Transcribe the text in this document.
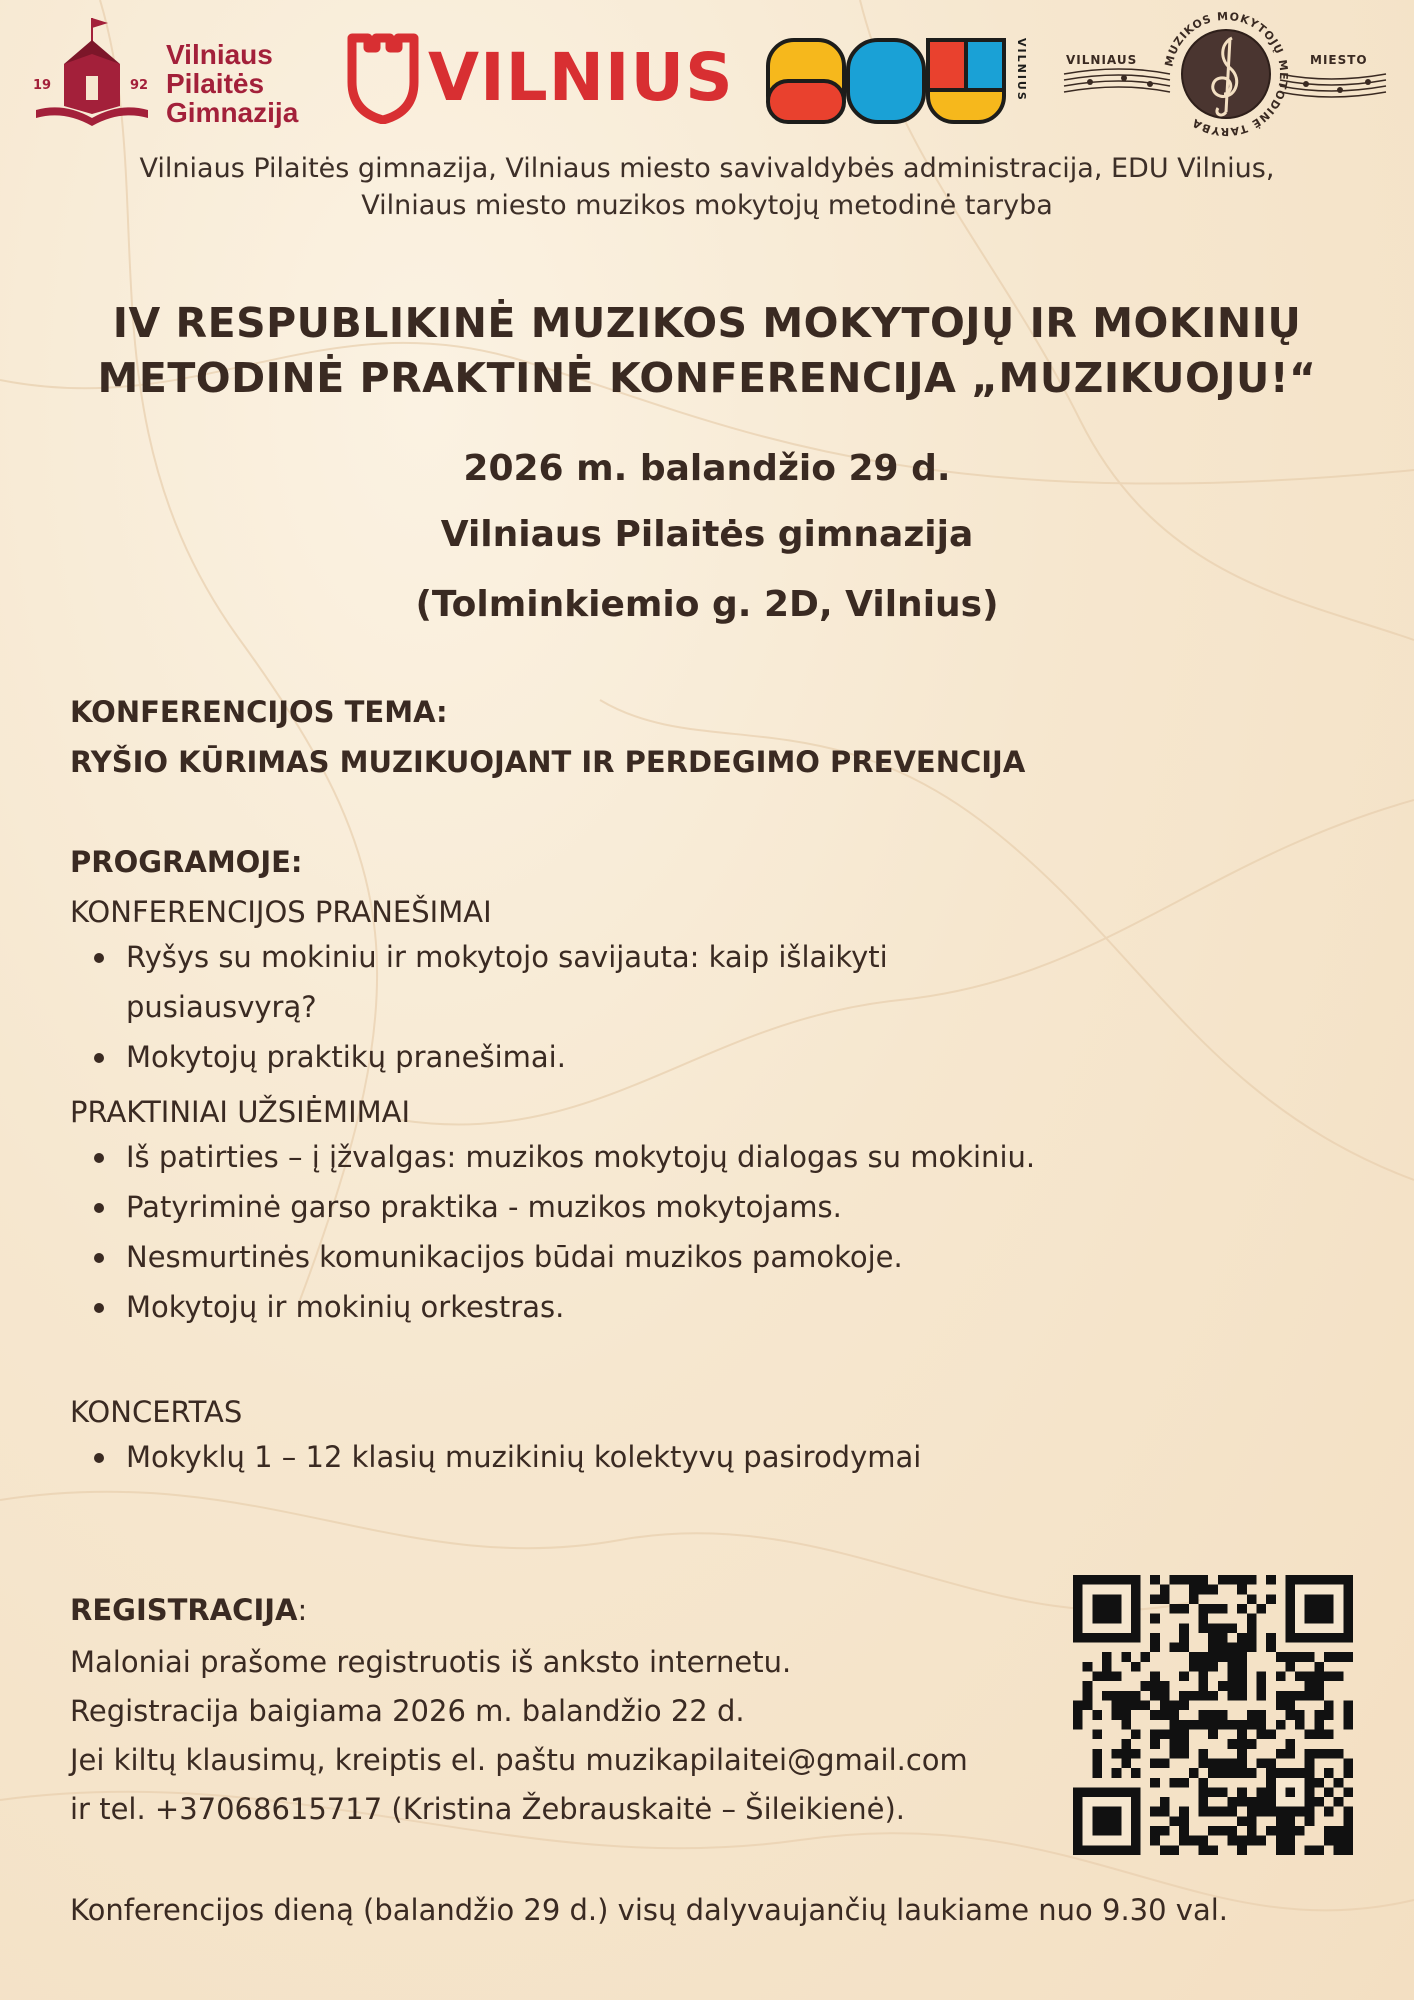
19	92
Vilniaus
Pilaitės
Gimnazija VILNIUS	VILNIUS	VILNIAUS	MIESTO
MUZIKOS MOKYTOJŲ METODINĖ TARYBA
Vilniaus Pilaitės gimnazija, Vilniaus miesto savivaldybės administracija, EDU Vilnius,
Vilniaus miesto muzikos mokytojų metodinė taryba
IV RESPUBLIKINĖ MUZIKOS MOKYTOJŲ IR MOKINIŲ
METODINĖ PRAKTINĖ KONFERENCIJA „MUZIKUOJU!“
2026 m. balandžio 29 d.
Vilniaus Pilaitės gimnazija
(Tolminkiemio g. 2D, Vilnius)
KONFERENCIJOS TEMA:
RYŠIO KŪRIMAS MUZIKUOJANT IR PERDEGIMO PREVENCIJA
PROGRAMOJE:
KONFERENCIJOS PRANEŠIMAI
Ryšys su mokiniu ir mokytojo savijauta: kaip išlaikyti pusiausvyrą?
Mokytojų praktikų pranešimai.
PRAKTINIAI UŽSIĖMIMAI
Iš patirties – į įžvalgas: muzikos mokytojų dialogas su mokiniu.
Patyriminė garso praktika - muzikos mokytojams.
Nesmurtinės komunikacijos būdai muzikos pamokoje.
Mokytojų ir mokinių orkestras.
KONCERTAS
Mokyklų 1 – 12 klasių muzikinių kolektyvų pasirodymai
REGISTRACIJA:
Maloniai prašome registruotis iš anksto internetu.
Registracija baigiama 2026 m. balandžio 22 d.
Jei kiltų klausimų, kreiptis el. paštu muzikapilaitei@gmail.com
ir tel. +37068615717 (Kristina Žebrauskaitė – Šileikienė).
Konferencijos dieną (balandžio 29 d.) visų dalyvaujančių laukiame nuo 9.30 val.
